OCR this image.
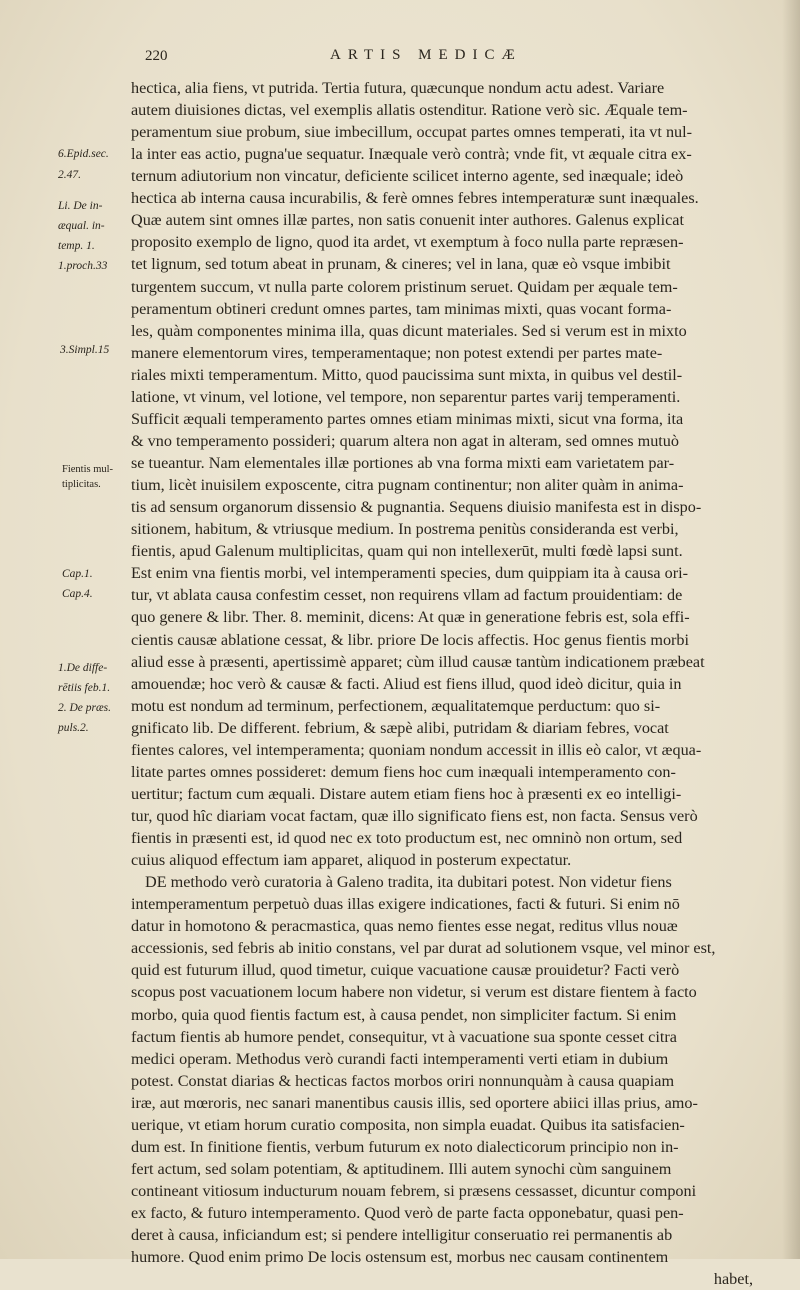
220	ARTIS MEDICÆ
6.Epid.sec.
2.47.
Li. De in-
æqual. in-
temp. 1.
1.proch.33
3.Simpl.15
Fientis mul-
tiplicitas.
Cap.1.
Cap.4.
1.De diffe-
rētiis feb.1.
2. De præs.
puls.2.
hectica, alia fiens, vt putrida. Tertia futura, quæcunque nondum actu adest. Variare
autem diuisiones dictas, vel exemplis allatis ostenditur. Ratione verò sic. Æquale tem-
peramentum siue probum, siue imbecillum, occupat partes omnes temperati, ita vt nul-
la inter eas actio, pugna'ue sequatur. Inæquale verò contrà; vnde fit, vt æquale citra ex-
ternum adiutorium non vincatur, deficiente scilicet interno agente, sed inæquale; ideò
hectica ab interna causa incurabilis, & ferè omnes febres intemperaturæ sunt inæquales.
Quæ autem sint omnes illæ partes, non satis conuenit inter authores. Galenus explicat
proposito exemplo de ligno, quod ita ardet, vt exemptum à foco nulla parte repræsen-
tet lignum, sed totum abeat in prunam, & cineres; vel in lana, quæ eò vsque imbibit
turgentem succum, vt nulla parte colorem pristinum seruet. Quidam per æquale tem-
peramentum obtineri credunt omnes partes, tam minimas mixti, quas vocant forma-
les, quàm componentes minima illa, quas dicunt materiales. Sed si verum est in mixto
manere elementorum vires, temperamentaque; non potest extendi per partes mate-
riales mixti temperamentum. Mitto, quod paucissima sunt mixta, in quibus vel destil-
latione, vt vinum, vel lotione, vel tempore, non separentur partes varij temperamenti.
Sufficit æquali temperamento partes omnes etiam minimas mixti, sicut vna forma, ita
& vno temperamento possideri; quarum altera non agat in alteram, sed omnes mutuò
se tueantur. Nam elementales illæ portiones ab vna forma mixti eam varietatem par-
tium, licèt inuisilem exposcente, citra pugnam continentur; non aliter quàm in anima-
tis ad sensum organorum dissensio & pugnantia. Sequens diuisio manifesta est in dispo-
sitionem, habitum, & vtriusque medium. In postrema penitùs consideranda est verbi,
fientis, apud Galenum multiplicitas, quam qui non intellexerūt, multi fœdè lapsi sunt.
Est enim vna fientis morbi, vel intemperamenti species, dum quippiam ita à causa ori-
tur, vt ablata causa confestim cesset, non requirens vllam ad factum prouidentiam: de
quo genere & libr. Ther. 8. meminit, dicens: At quæ in generatione febris est, sola effi-
cientis causæ ablatione cessat, & libr. priore De locis affectis. Hoc genus fientis morbi
aliud esse à præsenti, apertissimè apparet; cùm illud causæ tantùm indicationem præbeat
amouendæ; hoc verò & causæ & facti. Aliud est fiens illud, quod ideò dicitur, quia in
motu est nondum ad terminum, perfectionem, æqualitatemque perductum: quo si-
gnificato lib. De different. febrium, & sæpè alibi, putridam & diariam febres, vocat
fientes calores, vel intemperamenta; quoniam nondum accessit in illis eò calor, vt æqua-
litate partes omnes possideret: demum fiens hoc cum inæquali intemperamento con-
uertitur; factum cum æquali. Distare autem etiam fiens hoc à præsenti ex eo intelligi-
tur, quod hîc diariam vocat factam, quæ illo significato fiens est, non facta. Sensus verò
fientis in præsenti est, id quod nec ex toto productum est, nec omninò non ortum, sed
cuius aliquod effectum iam apparet, aliquod in posterum expectatur.
DE methodo verò curatoria à Galeno tradita, ita dubitari potest. Non videtur fiens
intemperamentum perpetuò duas illas exigere indicationes, facti & futuri. Si enim nō
datur in homotono & peracmastica, quas nemo fientes esse negat, reditus vllus nouæ
accessionis, sed febris ab initio constans, vel par durat ad solutionem vsque, vel minor est,
quid est futurum illud, quod timetur, cuique vacuatione causæ prouidetur? Facti verò
scopus post vacuationem locum habere non videtur, si verum est distare fientem à facto
morbo, quia quod fientis factum est, à causa pendet, non simpliciter factum. Si enim
factum fientis ab humore pendet, consequitur, vt à vacuatione sua sponte cesset citra
medici operam. Methodus verò curandi facti intemperamenti verti etiam in dubium
potest. Constat diarias & hecticas factos morbos oriri nonnunquàm à causa quapiam
iræ, aut mœroris, nec sanari manentibus causis illis, sed oportere abiici illas prius, amo-
uerique, vt etiam horum curatio composita, non simpla euadat. Quibus ita satisfacien-
dum est. In finitione fientis, verbum futurum ex noto dialecticorum principio non in-
fert actum, sed solam potentiam, & aptitudinem. Illi autem synochi cùm sanguinem
contineant vitiosum inducturum nouam febrem, si præsens cessasset, dicuntur componi
ex facto, & futuro intemperamento. Quod verò de parte facta opponebatur, quasi pen-
deret à causa, inficiandum est; si pendere intelligitur conseruatio rei permanentis ab
humore. Quod enim primo De locis ostensum est, morbus nec causam continentem
habet,
